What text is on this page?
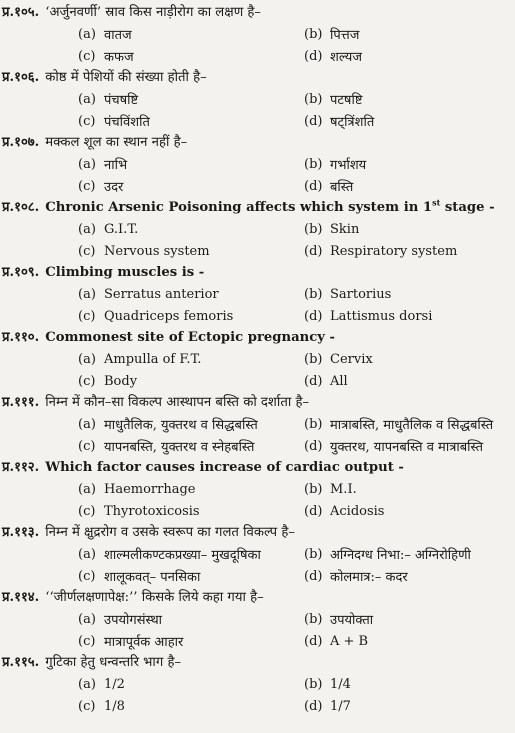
प्र.१०५. ‘अर्जुनवर्णी’ स्राव किस नाड़ीरोग का लक्षण है–
(a) वातज	(b) पित्तज
(c) कफज	(d) शल्यज
प्र.१०६. कोष्ठ में पेशियों की संख्या होती है–
(a) पंचषष्टि	(b) पटषष्टि
(c) पंचविंशति	(d) षट्त्रिंशति
प्र.१०७. मक्कल शूल का स्थान नहीं है–
(a) नाभि	(b) गर्भाशय
(c) उदर	(d) बस्ति
प्र.१०८. Chronic Arsenic Poisoning affects which system in 1st stage -
(a) G.I.T.	(b) Skin
(c) Nervous system	(d) Respiratory system
प्र.१०९. Climbing muscles is -
(a) Serratus anterior	(b) Sartorius
(c) Quadriceps femoris	(d) Lattismus dorsi
प्र.११०. Commonest site of Ectopic pregnancy -
(a) Ampulla of F.T.	(b) Cervix
(c) Body	(d) All
प्र.१११. निम्न में कौन–सा विकल्प आस्थापन बस्ति को दर्शाता है–
(a) माधुतैलिक, युक्तरथ व सिद्धबस्ति	(b) मात्राबस्ति, माधुतैलिक व सिद्धबस्ति
(c) यापनबस्ति, युक्तरथ व स्नेहबस्ति	(d) युक्तरथ, यापनबस्ति व मात्राबस्ति
प्र.११२. Which factor causes increase of cardiac output -
(a) Haemorrhage	(b) M.I.
(c) Thyrotoxicosis	(d) Acidosis
प्र.११३. निम्न में क्षुद्ररोग व उसके स्वरूप का गलत विकल्प है–
(a) शाल्मलीकण्टकप्रख्या– मुखदूषिका	(b) अग्निदग्ध निभा:– अग्निरोहिणी
(c) शालूकवत्– पनसिका	(d) कोलमात्र:– कदर
प्र.११४. ‘‘जीर्णलक्षणापेक्ष:’’ किसके लिये कहा गया है–
(a) उपयोगसंस्था	(b) उपयोक्ता
(c) मात्रापूर्वक आहार	(d) A + B
प्र.११५. गुटिका हेतु धन्वन्तरि भाग है–
(a) 1/2	(b) 1/4
(c) 1/8	(d) 1/7
